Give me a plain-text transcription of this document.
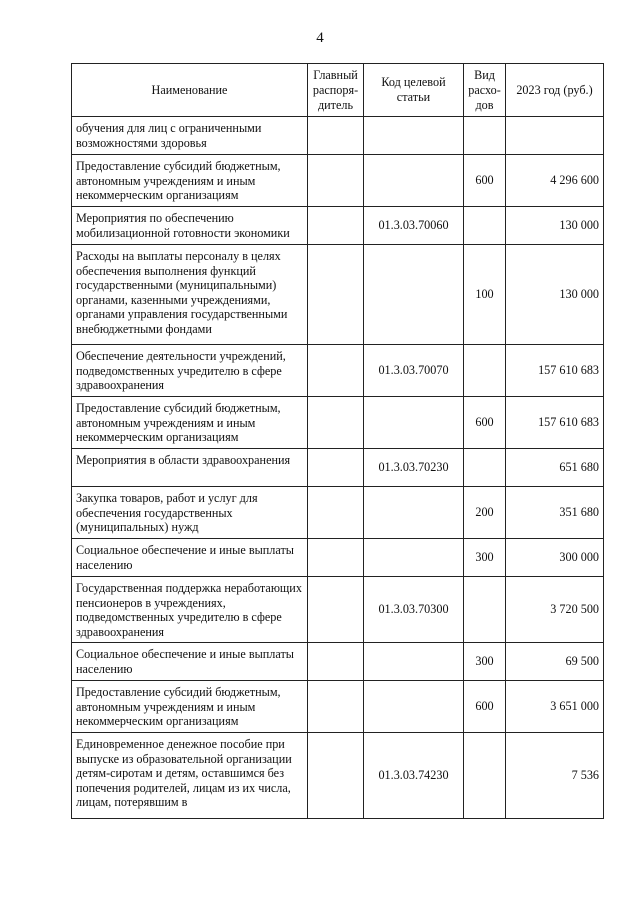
4
Наименование	Главный распоря-дитель	Код целевой статьи	Вид расхо-дов	2023 год (руб.)
обучения для лиц с ограниченными возможностями здоровья				
Предоставление субсидий бюджетным, автономным учреждениям и иным некоммерческим организациям			600	4 296 600
Мероприятия по обеспечению мобилизационной готовности экономики		01.3.03.70060		130 000
Расходы на выплаты персоналу в целях обеспечения выполнения функций государственными (муниципальными) органами, казенными учреждениями, органами управления государственными внебюджетными фондами			100	130 000
Обеспечение деятельности учреждений, подведомственных учредителю в сфере здравоохранения		01.3.03.70070		157 610 683
Предоставление субсидий бюджетным, автономным учреждениям и иным некоммерческим организациям			600	157 610 683
Мероприятия в области здравоохранения		01.3.03.70230		651 680
Закупка товаров, работ и услуг для обеспечения государственных (муниципальных) нужд			200	351 680
Социальное обеспечение и иные выплаты населению			300	300 000
Государственная поддержка неработающих пенсионеров в учреждениях, подведомственных учредителю в сфере здравоохранения		01.3.03.70300		3 720 500
Социальное обеспечение и иные выплаты населению			300	69 500
Предоставление субсидий бюджетным, автономным учреждениям и иным некоммерческим организациям			600	3 651 000
Единовременное денежное пособие при выпуске из образовательной организации детям-сиротам и детям, оставшимся без попечения родителей, лицам из их числа, лицам, потерявшим в		01.3.03.74230		7 536
